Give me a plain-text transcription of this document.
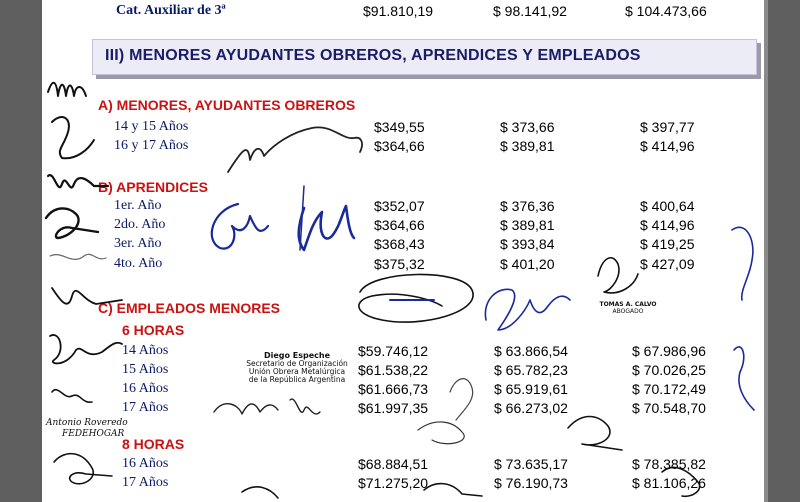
Cat. Auxiliar de 3ª	$91.810,19	$ 98.141,92	$ 104.473,66
III) MENORES AYUDANTES OBREROS, APRENDICES Y EMPLEADOS
A) MENORES, AYUDANTES OBREROS
14 y 15 Años	$349,55	$ 373,66	$ 397,77
16 y 17 Años	$364,66	$ 389,81	$ 414,96
B) APRENDICES
1er. Año	$352,07	$ 376,36	$ 400,64
2do. Año	$364,66	$ 389,81	$ 414,96
3er. Año	$368,43	$ 393,84	$ 419,25
4to. Año	$375,32	$ 401,20	$ 427,09
C) EMPLEADOS MENORES
6 HORAS
14 Años	$59.746,12	$ 63.866,54	$ 67.986,96
15 Años	$61.538,22	$ 65.782,23	$ 70.026,25
16 Años	$61.666,73	$ 65.919,61	$ 70.172,49
17 Años	$61.997,35	$ 66.273,02	$ 70.548,70
8 HORAS
16 Años	$68.884,51	$ 73.635,17	$ 78.385,82
17 Años	$71.275,20	$ 76.190,73	$ 81.106,26
Diego Espeche
Secretario de Organización
Unión Obrera Metalúrgica
de la República Argentina
TOMAS A. CALVO
ABOGADO
Antonio Roveredo
FEDEHOGAR
